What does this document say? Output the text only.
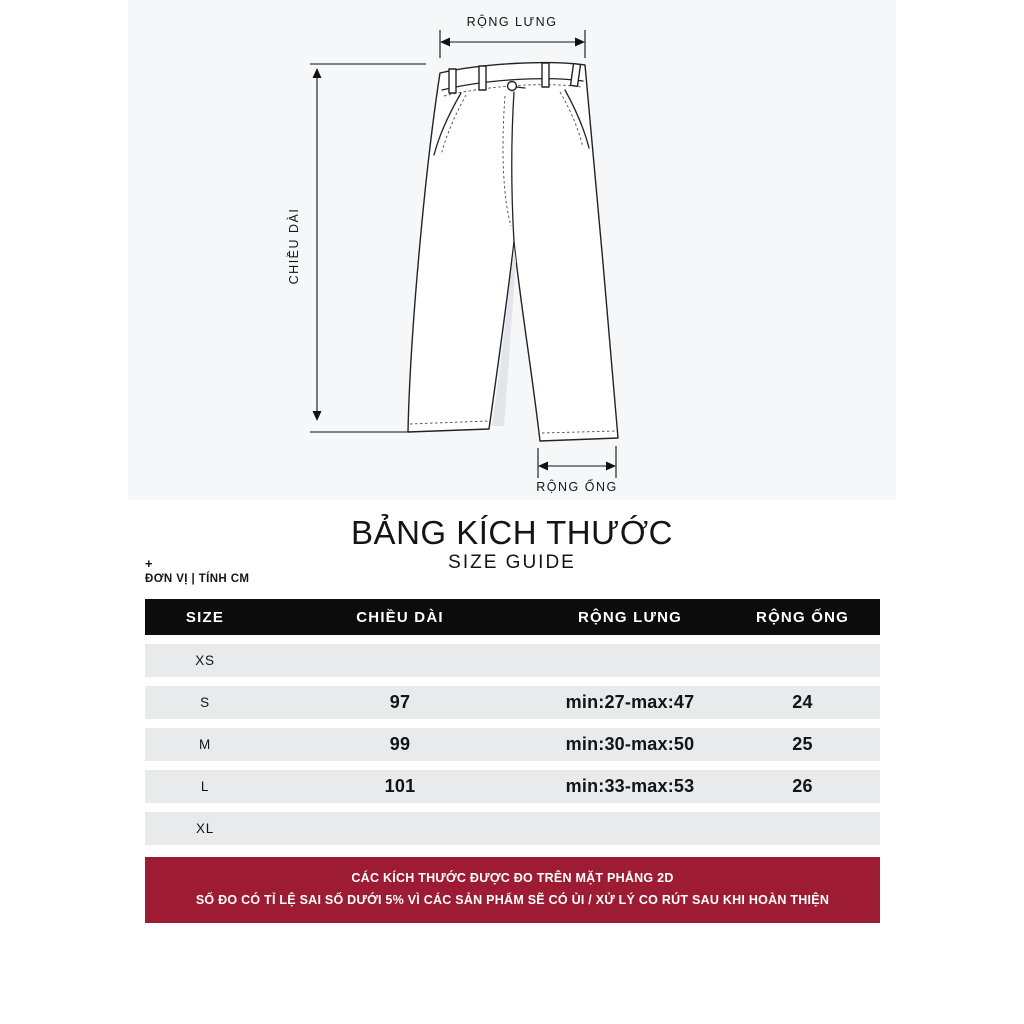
RỘNG LƯNG
CHIỀU DÀI
RỘNG ỐNG
BẢNG KÍCH THƯỚC
SIZE GUIDE
+
ĐƠN VỊ | TÍNH CM
SIZE	CHIỀU DÀI	RỘNG LƯNG	RỘNG ỐNG
XS
S	97	min:27-max:47	24
M	99	min:30-max:50	25
L	101	min:33-max:53	26
XL
CÁC KÍCH THƯỚC ĐƯỢC ĐO TRÊN MẶT PHẲNG 2D
SỐ ĐO CÓ TỈ LỆ SAI SỐ DƯỚI 5% VÌ CÁC SẢN PHẨM SẼ CÓ ỦI / XỬ LÝ CO RÚT SAU KHI HOÀN THIỆN
